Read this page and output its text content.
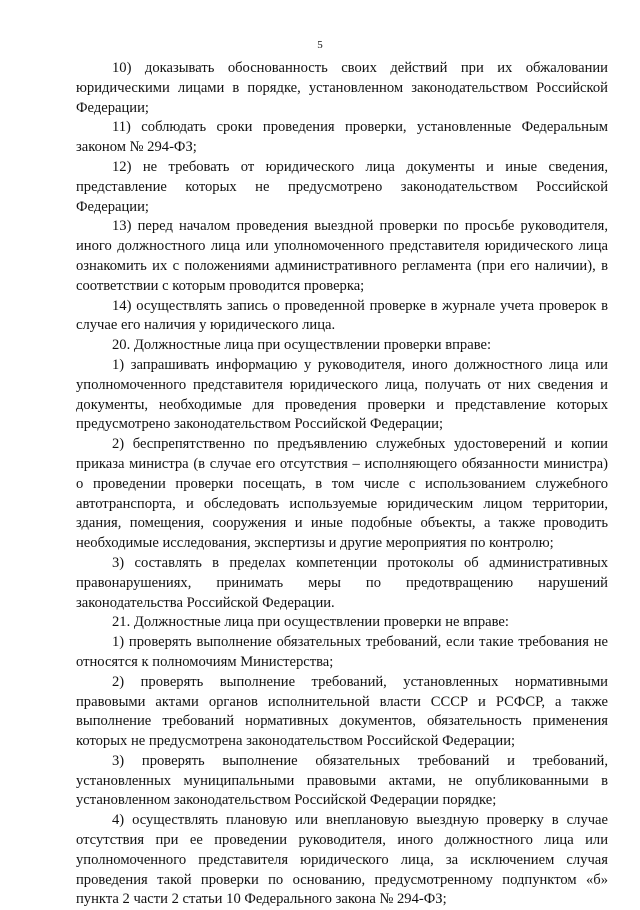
5

10) доказывать обоснованность своих действий при их обжаловании юридическими лицами в порядке, установленном законодательством Российской Федерации;

11) соблюдать сроки проведения проверки, установленные Федеральным законом № 294-ФЗ;

12) не требовать от юридического лица документы и иные сведения, представление которых не предусмотрено законодательством Российской Федерации;

13) перед началом проведения выездной проверки по просьбе руководителя, иного должностного лица или уполномоченного представителя юридического лица ознакомить их с положениями административного регламента (при его наличии), в соответствии с которым проводится проверка;

14) осуществлять запись о проведенной проверке в журнале учета проверок в случае его наличия у юридического лица.

20. Должностные лица при осуществлении проверки вправе:

1) запрашивать информацию у руководителя, иного должностного лица или уполномоченного представителя юридического лица, получать от них сведения и документы, необходимые для проведения проверки и представление которых предусмотрено законодательством Российской Федерации;

2) беспрепятственно по предъявлению служебных удостоверений и копии приказа министра (в случае его отсутствия – исполняющего обязанности министра) о проведении проверки посещать, в том числе с использованием служебного автотранспорта, и обследовать используемые юридическим лицом территории, здания, помещения, сооружения и иные подобные объекты, а также проводить необходимые исследования, экспертизы и другие мероприятия по контролю;

3) составлять в пределах компетенции протоколы об административных правонарушениях, принимать меры по предотвращению нарушений законодательства Российской Федерации.

21. Должностные лица при осуществлении проверки не вправе:

1) проверять выполнение обязательных требований, если такие требования не относятся к полномочиям Министерства;

2) проверять выполнение требований, установленных нормативными правовыми актами органов исполнительной власти СССР и РСФСР, а также выполнение требований нормативных документов, обязательность применения которых не предусмотрена законодательством Российской Федерации;

3) проверять выполнение обязательных требований и требований, установленных муниципальными правовыми актами, не опубликованными в установленном законодательством Российской Федерации порядке;

4) осуществлять плановую или внеплановую выездную проверку в случае отсутствия при ее проведении руководителя, иного должностного лица или уполномоченного представителя юридического лица, за исключением случая проведения такой проверки по основанию, предусмотренному подпунктом «б» пункта 2 части 2 статьи 10 Федерального закона № 294-ФЗ;
